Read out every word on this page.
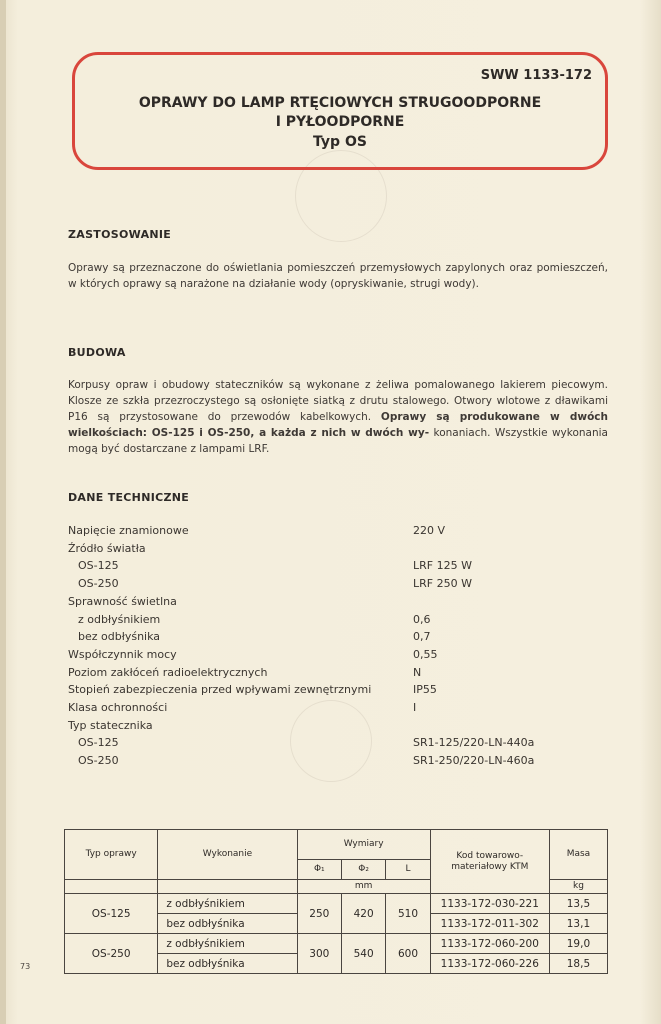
SWW 1133-172
OPRAWY DO LAMP RTĘCIOWYCH STRUGOODPORNE
I PYŁOODPORNE
Typ OS
ZASTOSOWANIE
Oprawy są przeznaczone do oświetlania pomieszczeń przemysłowych zapylonych oraz pomieszczeń, w których oprawy są narażone na działanie wody (opryskiwanie, strugi wody).
BUDOWA
Korpusy opraw i obudowy stateczników są wykonane z żeliwa pomalowanego lakierem piecowym. Klosze ze szkła przezroczystego są osłonięte siatką z drutu stalowego. Otwory wlotowe z dławikami P16 są przystosowane do przewodów kabelkowych. Oprawy są produkowane w dwóch wielkościach: OS-125 i OS-250, a każda z nich w dwóch wy- konaniach. Wszystkie wykonania mogą być dostarczane z lampami LRF.
DANE TECHNICZNE
Napięcie znamionowe	220 V
Źródło światła
OS-125	LRF 125 W
OS-250	LRF 250 W
Sprawność świetlna
z odbłyśnikiem	0,6
bez odbłyśnika	0,7
Współczynnik mocy	0,55
Poziom zakłóceń radioelektrycznych	N
Stopień zabezpieczenia przed wpływami zewnętrznymi	IP55
Klasa ochronności	I
Typ statecznika
OS-125	SR1-125/220-LN-440a
OS-250	SR1-250/220-LN-460a
Typ oprawy	Wykonanie	Wymiary			Kod towarowo-materiałowy KTM	Masa
		Φ₁	Φ₂	L		
		mm				kg
OS-125	z odbłyśnikiem	250	420	510	1133-172-030-221	13,5
	bez odbłyśnika				1133-172-011-302	13,1
OS-250	z odbłyśnikiem	300	540	600	1133-172-060-200	19,0
	bez odbłyśnika				1133-172-060-226	18,5
73
